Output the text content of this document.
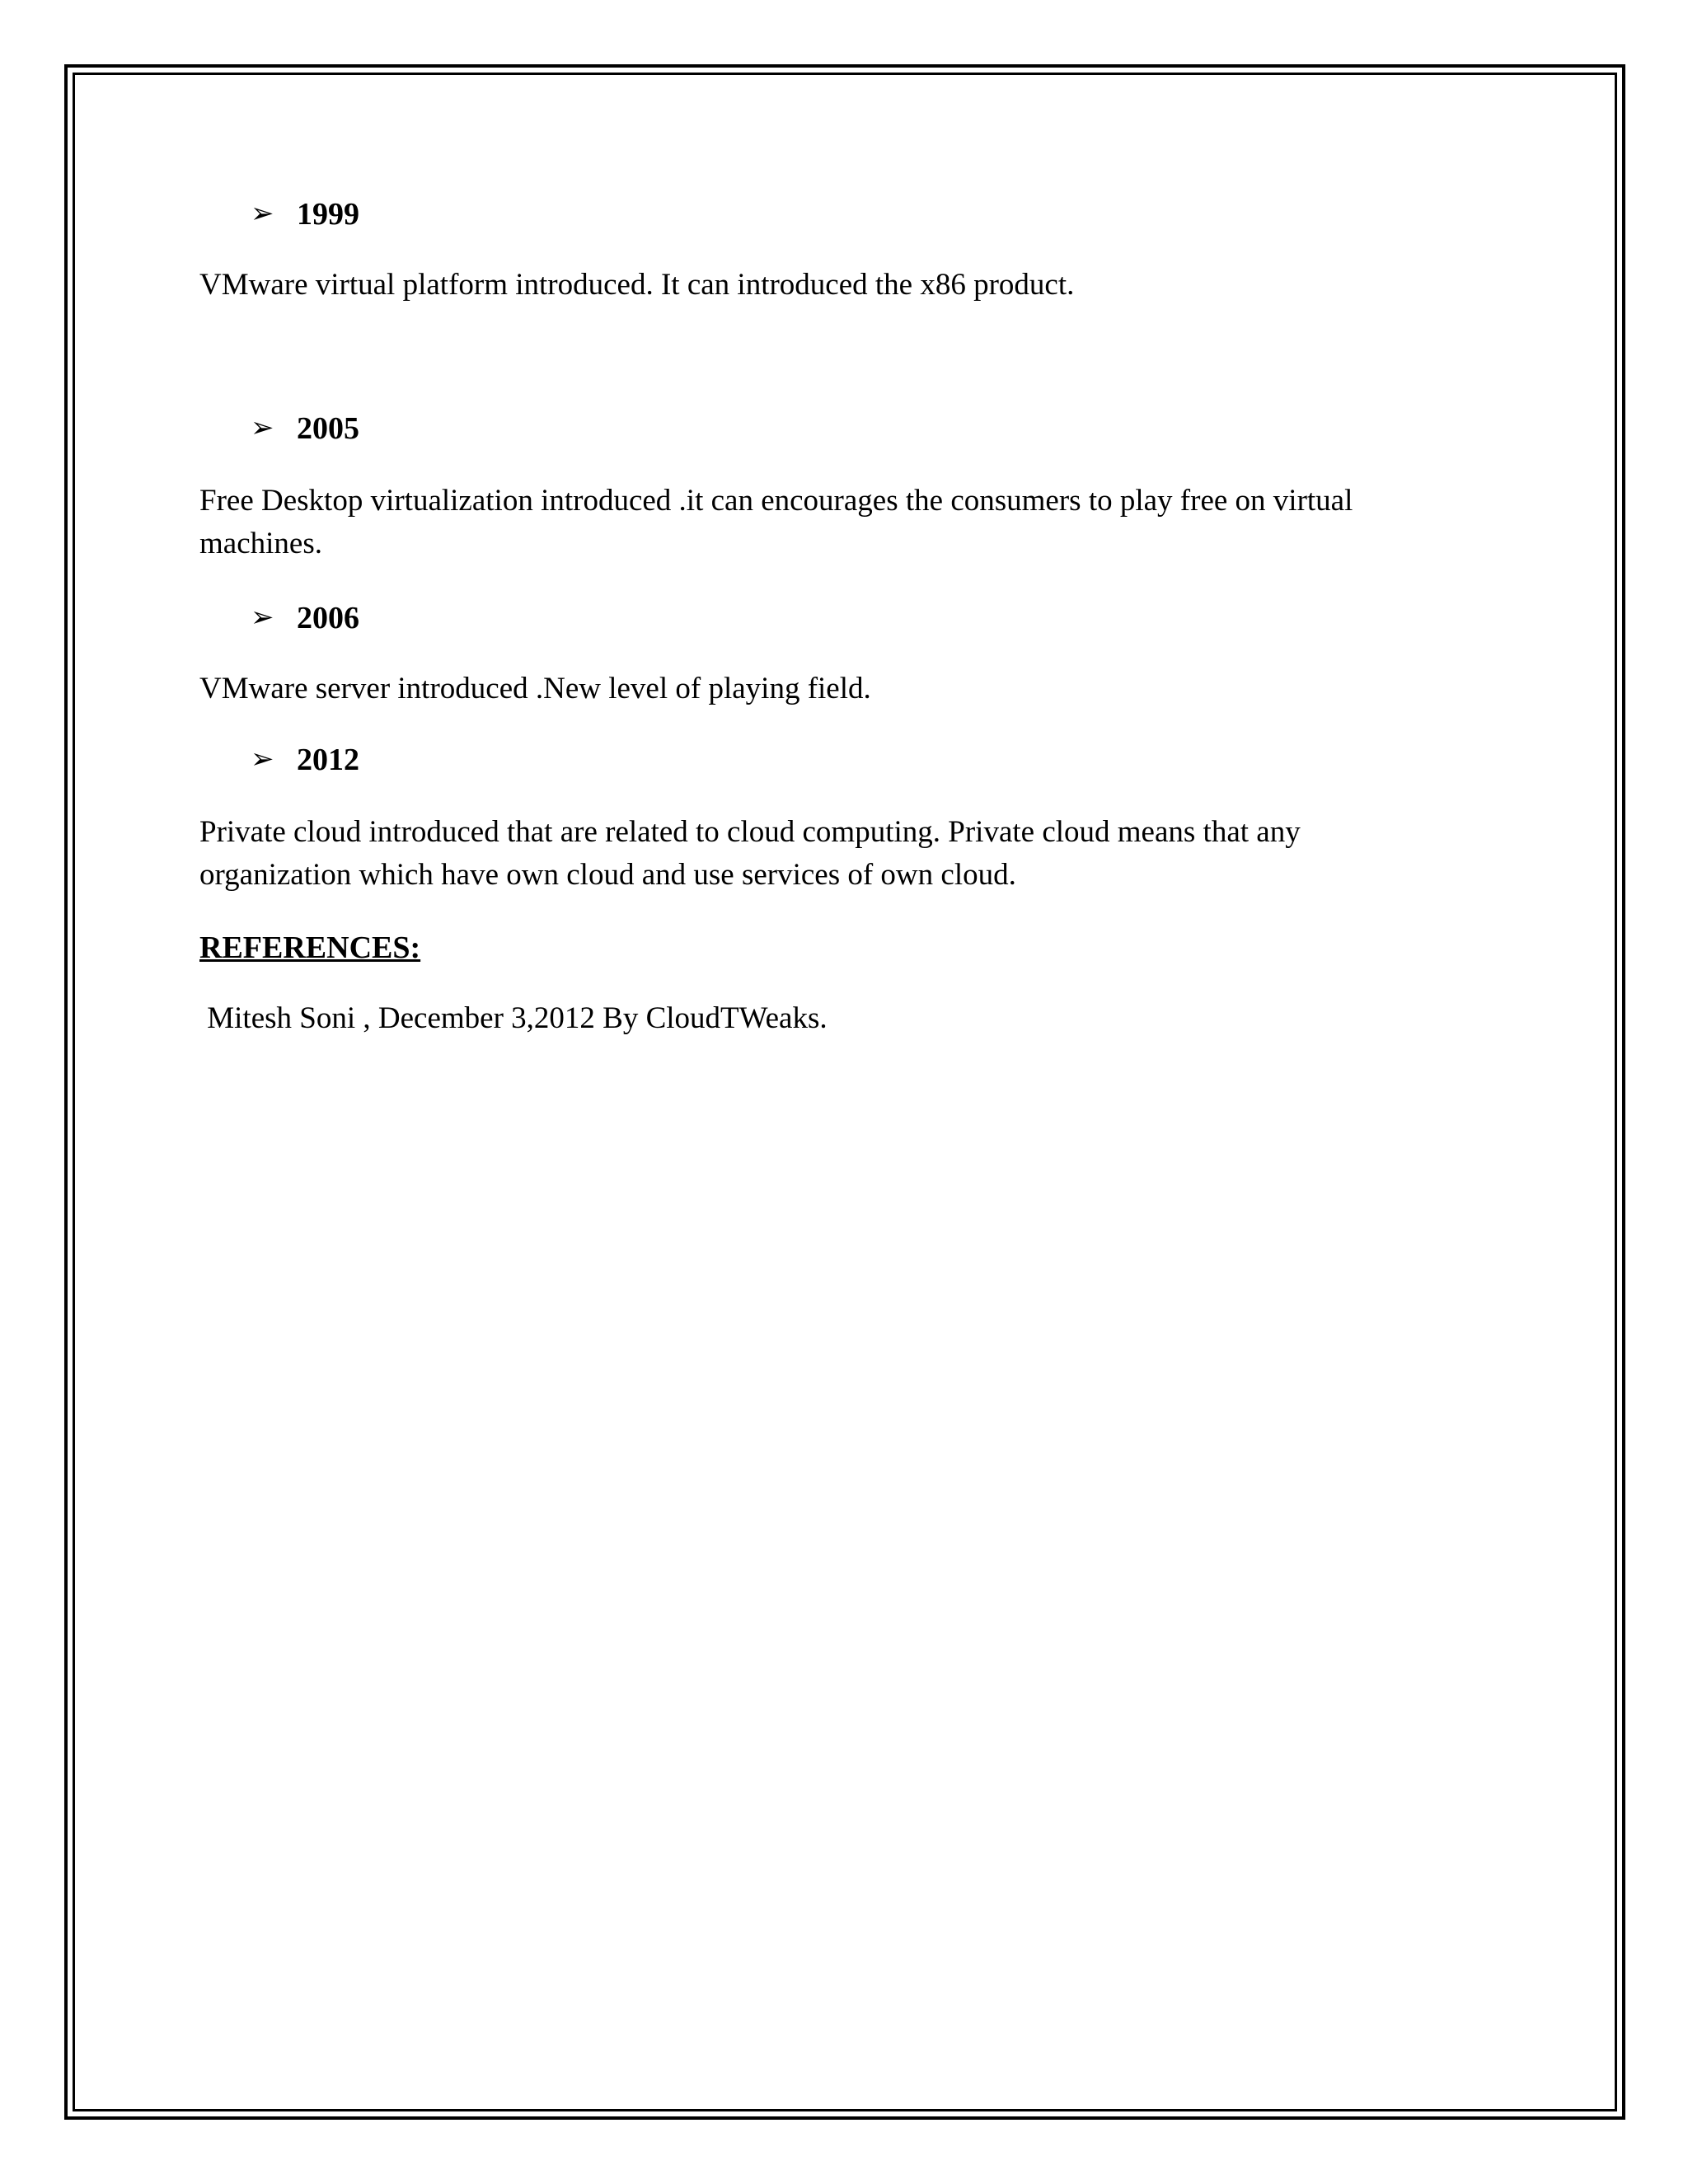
➢ 1999
VMware virtual platform introduced. It can introduced the x86 product.
➢ 2005
Free Desktop virtualization introduced .it can encourages the consumers to play free on virtual
machines.
➢ 2006
VMware server introduced .New level of playing field.
➢ 2012
Private cloud introduced that are related to cloud computing. Private cloud means that any
organization which have own cloud and use services of own cloud.
REFERENCES:
Mitesh Soni , December 3,2012 By CloudTWeaks.
